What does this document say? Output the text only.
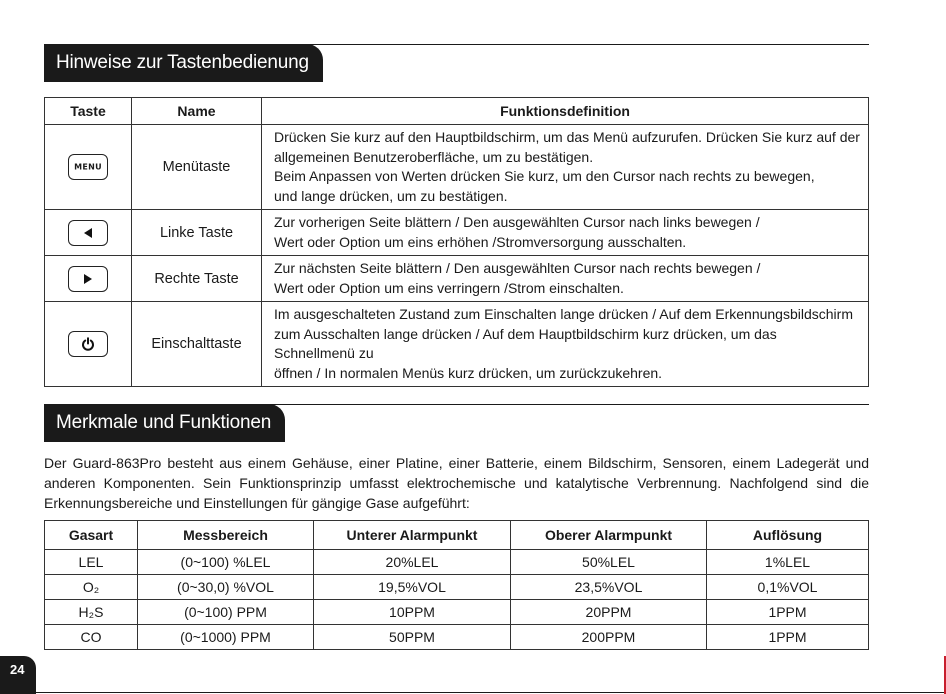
Hinweise zur Tastenbedienung
Taste	Name	Funktionsdefinition

MENU	Menütaste	Drücken Sie kurz auf den Hauptbildschirm, um das Menü aufzurufen. Drücken Sie kurz auf der
allgemeinen Benutzeroberfläche, um zu bestätigen.
Beim Anpassen von Werten drücken Sie kurz, um den Cursor nach rechts zu bewegen,
und lange drücken, um zu bestätigen.

	Linke Taste	Zur vorherigen Seite blättern / Den ausgewählten Cursor nach links bewegen /
Wert oder Option um eins erhöhen /Stromversorgung ausschalten.

	Rechte Taste	Zur nächsten Seite blättern / Den ausgewählten Cursor nach rechts bewegen /
Wert oder Option um eins verringern /Strom einschalten.

	Einschalttaste	Im ausgeschalteten Zustand zum Einschalten lange drücken / Auf dem Erkennungsbildschirm
zum Ausschalten lange drücken / Auf dem Hauptbildschirm kurz drücken, um das Schnellmenü zu
öffnen / In normalen Menüs kurz drücken, um zurückzukehren.
Merkmale und Funktionen
Der Guard-863Pro besteht aus einem Gehäuse, einer Platine, einer Batterie, einem Bildschirm, Sensoren, einem Ladegerät und anderen Komponenten. Sein Funktionsprinzip umfasst elektrochemische und katalytische Verbrennung. Nachfolgend sind die Erkennungsbereiche und Einstellungen für gängige Gase aufgeführt:
Gasart	Messbereich	Unterer Alarmpunkt	Oberer Alarmpunkt	Auflösung
LEL	(0~100) %LEL	20%LEL	50%LEL	1%LEL
O₂	(0~30,0) %VOL	19,5%VOL	23,5%VOL	0,1%VOL
H₂S	(0~100) PPM	10PPM	20PPM	1PPM
CO	(0~1000) PPM	50PPM	200PPM	1PPM
24
